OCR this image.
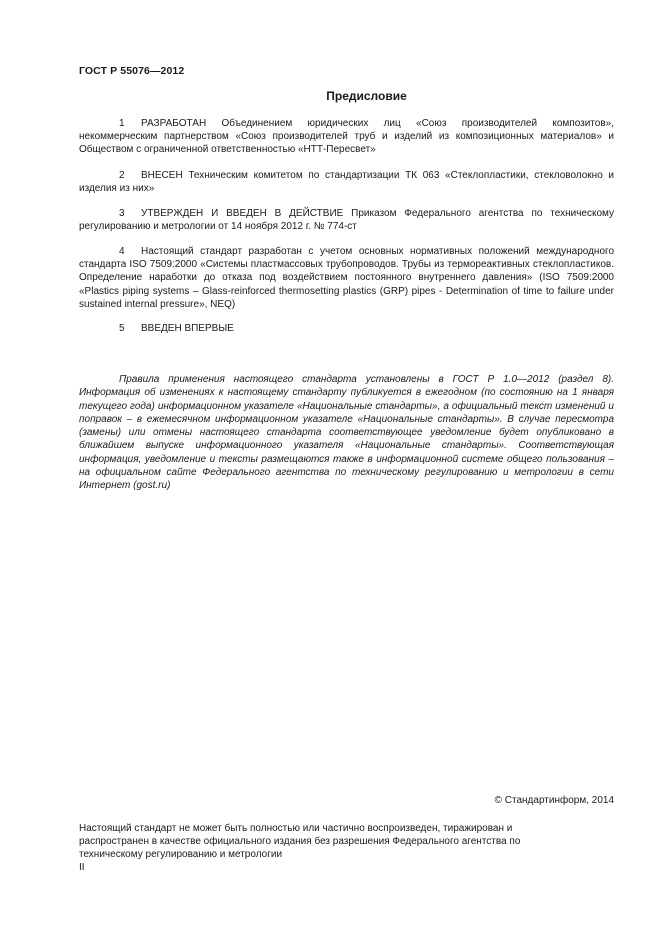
ГОСТ Р 55076—2012
Предисловие

1 РАЗРАБОТАН Объединением юридических лиц «Союз производителей композитов», некоммерческим партнерством «Союз производителей труб и изделий из композиционных материалов» и Обществом с ограниченной ответственностью «НТТ-Пересвет»

2 ВНЕСЕН Техническим комитетом по стандартизации ТК 063 «Стеклопластики, стекловолокно и изделия из них»

3 УТВЕРЖДЕН И ВВЕДЕН В ДЕЙСТВИЕ Приказом Федерального агентства по техническому регулированию и метрологии от 14 ноября 2012 г. № 774-ст

4 Настоящий стандарт разработан с учетом основных нормативных положений международного стандарта ISO 7509:2000 «Системы пластмассовых трубопроводов. Трубы из термореактивных стеклопластиков. Определение наработки до отказа под воздействием постоянного внутреннего давления» (ISO 7509:2000 «Plastics piping systems – Glass-reinforced thermosetting plastics (GRP) pipes - Determination of time to failure under sustained internal pressure», NEQ)

5 ВВЕДЕН ВПЕРВЫЕ

Правила применения настоящего стандарта установлены в ГОСТ Р 1.0—2012 (раздел 8). Информация об изменениях к настоящему стандарту публикуется в ежегодном (по состоянию на 1 января текущего года) информационном указателе «Национальные стандарты», а официальный текст изменений и поправок – в ежемесячном информационном указателе «Национальные стандарты». В случае пересмотра (замены) или отмены настоящего стандарта соответствующее уведомление будет опубликовано в ближайшем выпуске информационного указателя «Национальные стандарты». Соответствующая информация, уведомление и тексты размещаются также в информационной системе общего пользования – на официальном сайте Федерального агентства по техническому регулированию и метрологии в сети Интернет (gost.ru)

© Стандартинформ, 2014

Настоящий стандарт не может быть полностью или частично воспроизведен, тиражирован и распространен в качестве официального издания без разрешения Федерального агентства по техническому регулированию и метрологии

II
